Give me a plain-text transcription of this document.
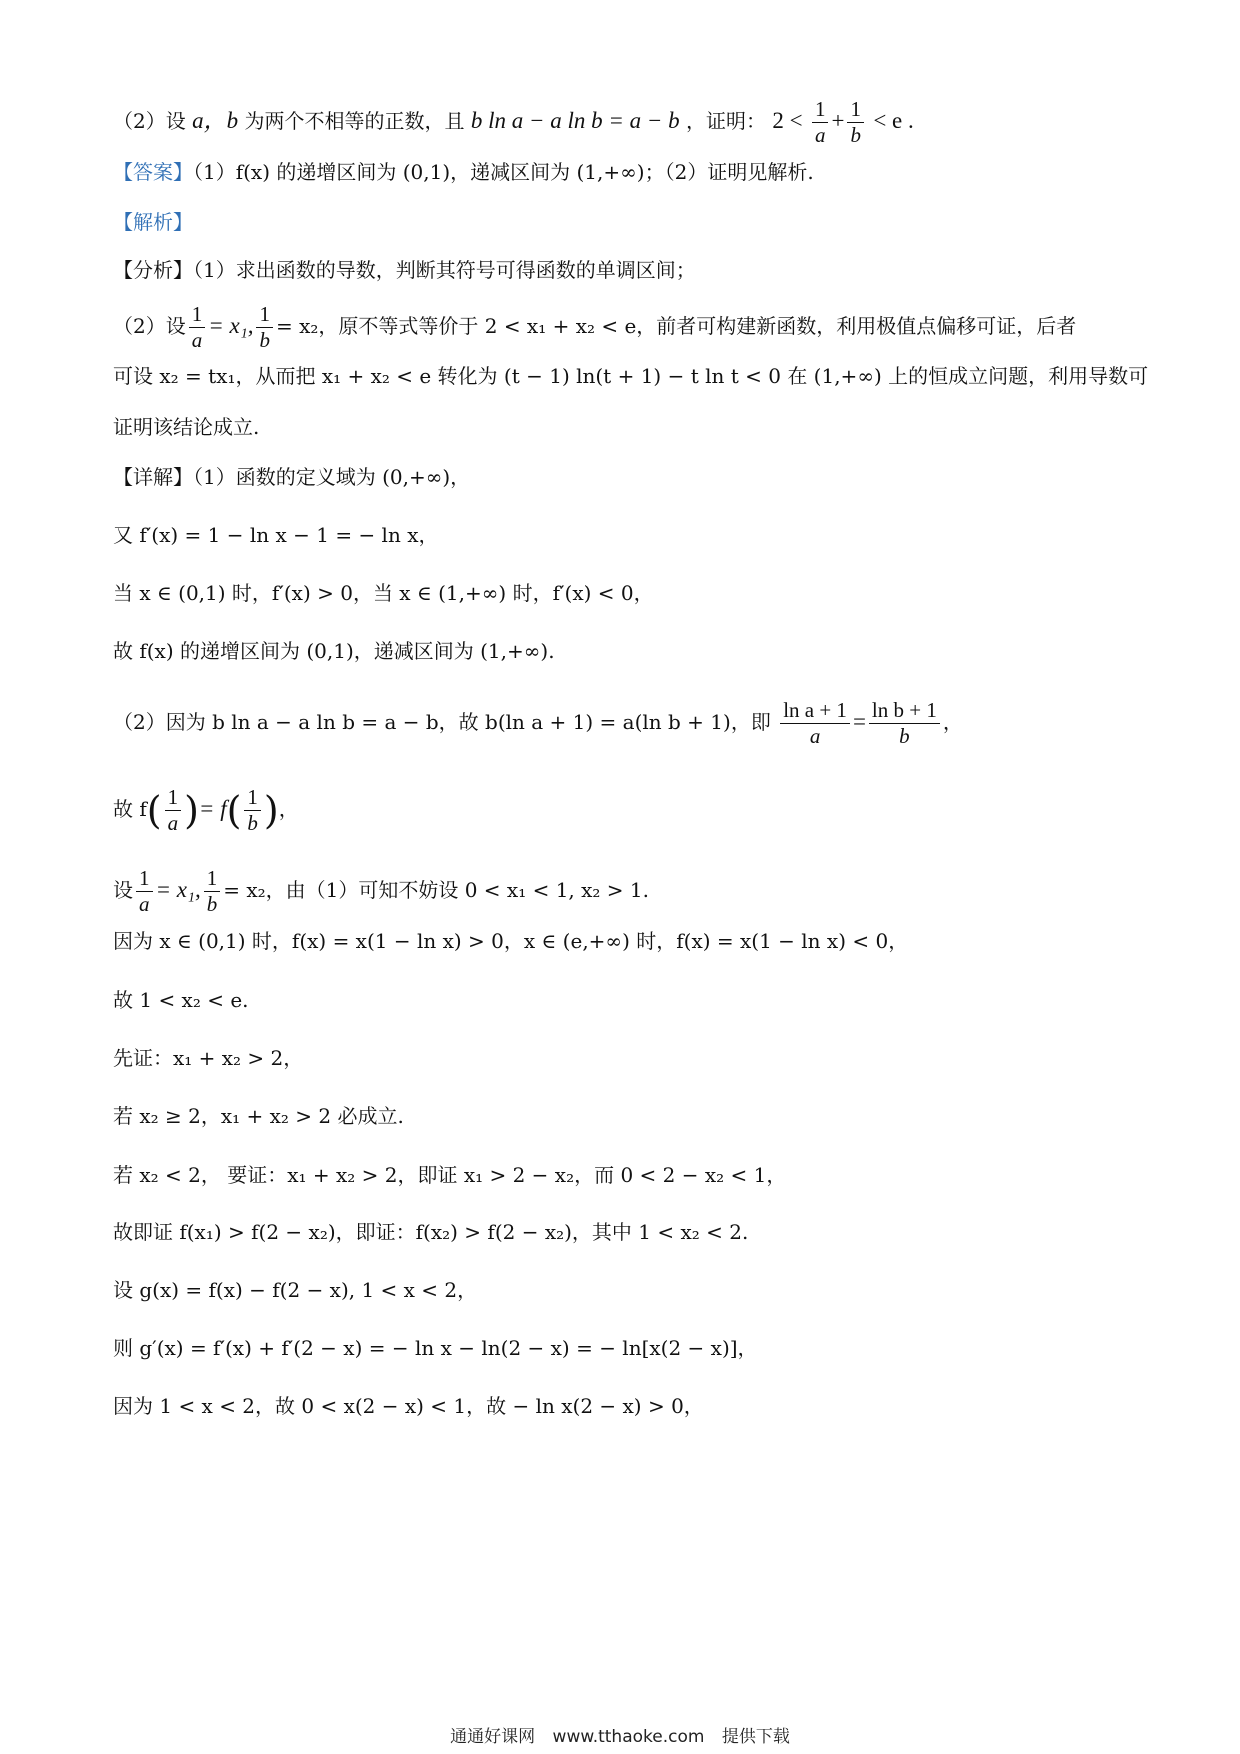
（2）设 a，b 为两个不相等的正数，且 b ln a − a ln b = a − b ，证明： $2 < \frac{1}{a} + \frac{1}{b} < e$ .
【答案】（1）f(x) 的递增区间为 (0,1)，递减区间为 (1,+∞)；（2）证明见解析.
【解析】
【分析】（1）求出函数的导数，判断其符号可得函数的单调区间；
（2）设 $\frac{1}{a} = x_1$, $\frac{1}{b} = x_2$，原不等式等价于 2 < x₁ + x₂ < e，前者可构建新函数，利用极值点偏移可证，后者
可设 x₂ = tx₁，从而把 x₁ + x₂ < e 转化为 (t − 1) ln(t + 1) − t ln t < 0 在 (1,+∞) 上的恒成立问题，利用导数可
证明该结论成立.
【详解】（1）函数的定义域为 (0,+∞)，
又 f′(x) = 1 − ln x − 1 = − ln x，
当 x ∈ (0,1) 时，f′(x) > 0，当 x ∈ (1,+∞) 时，f′(x) < 0，
故 f(x) 的递增区间为 (0,1)，递减区间为 (1,+∞).
（2）因为 b ln a − a ln b = a − b，故 b(ln a + 1) = a(ln b + 1)，即 $\frac{\text{ln a + 1}}{a} = \frac{\text{ln b + 1}}{b}$ ，
故 $f( \frac{1}{a}$ )= $f( \frac{1}{b}$ )，
设 $\frac{1}{a} = x_1$, $\frac{1}{b} = x_2$，由（1）可知不妨设 0 < x₁ < 1, x₂ > 1.
因为 x ∈ (0,1) 时，f(x) = x(1 − ln x) > 0，x ∈ (e,+∞) 时，f(x) = x(1 − ln x) < 0，
故 1 < x₂ < e.
先证：x₁ + x₂ > 2，
若 x₂ ≥ 2，x₁ + x₂ > 2 必成立.
若 x₂ < 2， 要证：x₁ + x₂ > 2，即证 x₁ > 2 − x₂，而 0 < 2 − x₂ < 1，
故即证 f(x₁) > f(2 − x₂)，即证：f(x₂) > f(2 − x₂)，其中 1 < x₂ < 2.
设 g(x) = f(x) − f(2 − x), 1 < x < 2，
则 g′(x) = f′(x) + f′(2 − x) = − ln x − ln(2 − x) = − ln[x(2 − x)]，
因为 1 < x < 2，故 0 < x(2 − x) < 1，故 − ln x(2 − x) > 0，
通通好课网 www.tthaoke.com 提供下载
